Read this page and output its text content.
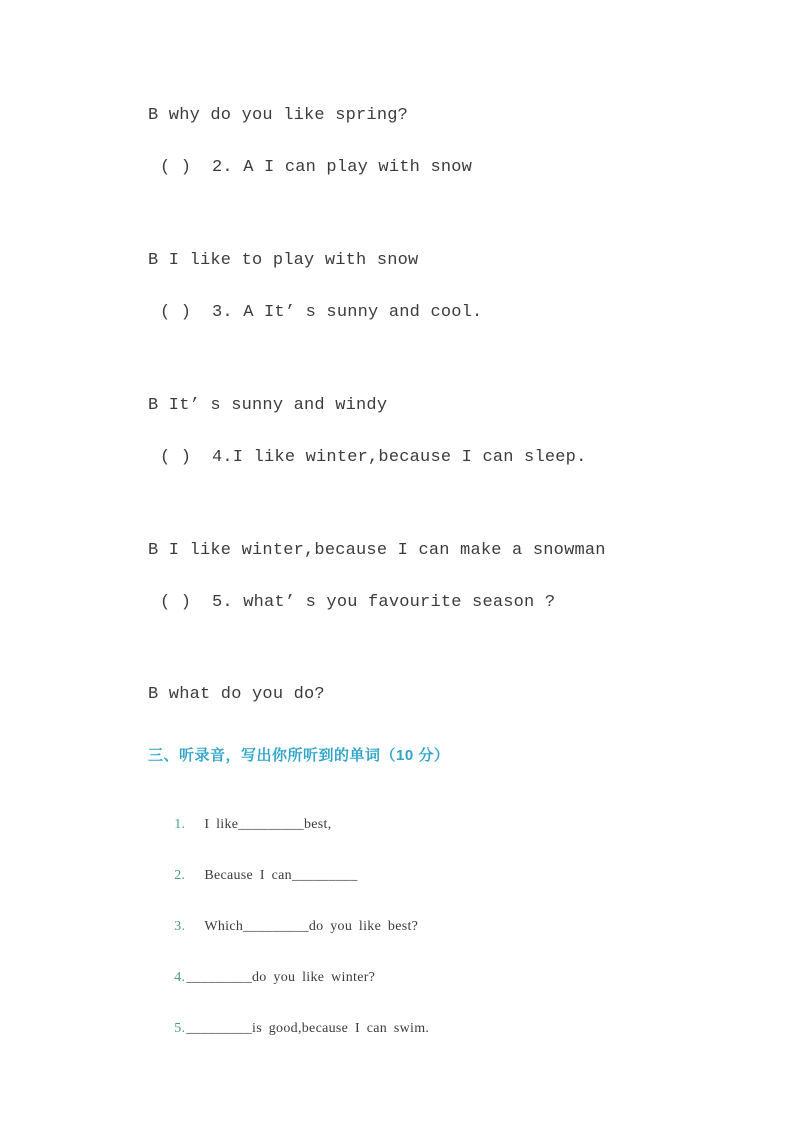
B why do you like spring?

( )  2. A I can play with snow

B I like to play with snow

( )  3. A It’ s sunny and cool.

B It’ s sunny and windy

( )  4.I like winter,because I can sleep.

B I like winter,because I can make a snowman

( )  5. what’ s you favourite season ?

B what do you do?

三、听录音，写出你所听到的单词（10 分）

1. I like_________best,

2. Because I can_________

3. Which_________do you like best?

4._________do you like winter?

5._________is good,because I can swim.
